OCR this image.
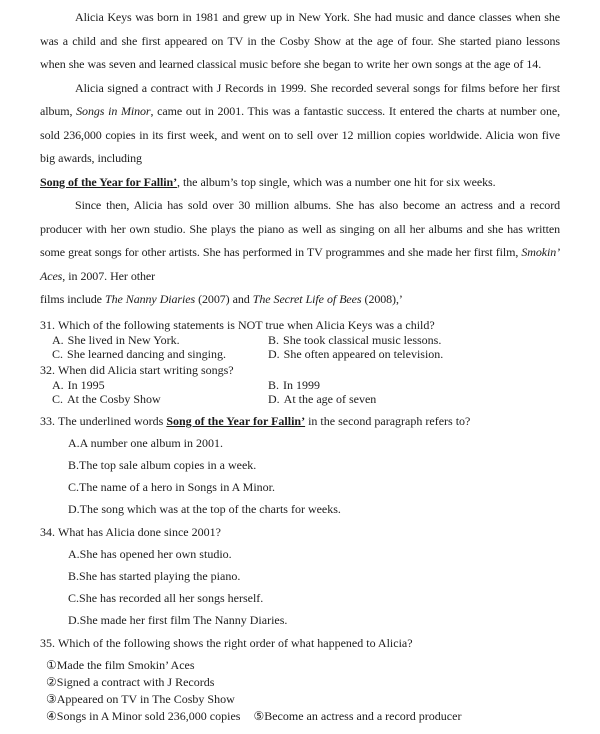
Alicia Keys was born in 1981 and grew up in New York. She had music and dance classes when she was a child and she first appeared on TV in the Cosby Show at the age of four. She started piano lessons when she was seven and learned classical music before she began to write her own songs at the age of 14.

Alicia signed a contract with J Records in 1999. She recorded several songs for films before her first album, Songs in Minor, came out in 2001. This was a fantastic success. It entered the charts at number one, sold 236,000 copies in its first week, and went on to sell over 12 million copies worldwide. Alicia won five big awards, including

Song of the Year for Fallin’, the album’s top single, which was a number one hit for six weeks.

Since then, Alicia has sold over 30 million albums. She has also become an actress and a record producer with her own studio. She plays the piano as well as singing on all her albums and she has written some great songs for other artists. She has performed in TV programmes and she made her first film, Smokin’ Aces, in 2007. Her other

films include The Nanny Diaries (2007) and The Secret Life of Bees (2008),’

31. Which of the following statements is NOT true when Alicia Keys was a child?
A. She lived in New York.	B. She took classical music lessons.
C. She learned dancing and singing.	D. She often appeared on television.
32. When did Alicia start writing songs?
A. In 1995	B. In 1999
C. At the Cosby Show	D. At the age of seven
33. The underlined words Song of the Year for Fallin’ in the second paragraph refers to?
A.A number one album in 2001.
B.The top sale album copies in a week.
C.The name of a hero in Songs in A Minor.
D.The song which was at the top of the charts for weeks.
34. What has Alicia done since 2001?
A.She has opened her own studio.
B.She has started playing the piano.
C.She has recorded all her songs herself.
D.She made her first film The Nanny Diaries.
35. Which of the following shows the right order of what happened to Alicia?
①Made the film Smokin’ Aces
②Signed a contract with J Records
③Appeared on TV in The Cosby Show
④Songs in A Minor sold 236,000 copies ⑤Become an actress and a record producer
